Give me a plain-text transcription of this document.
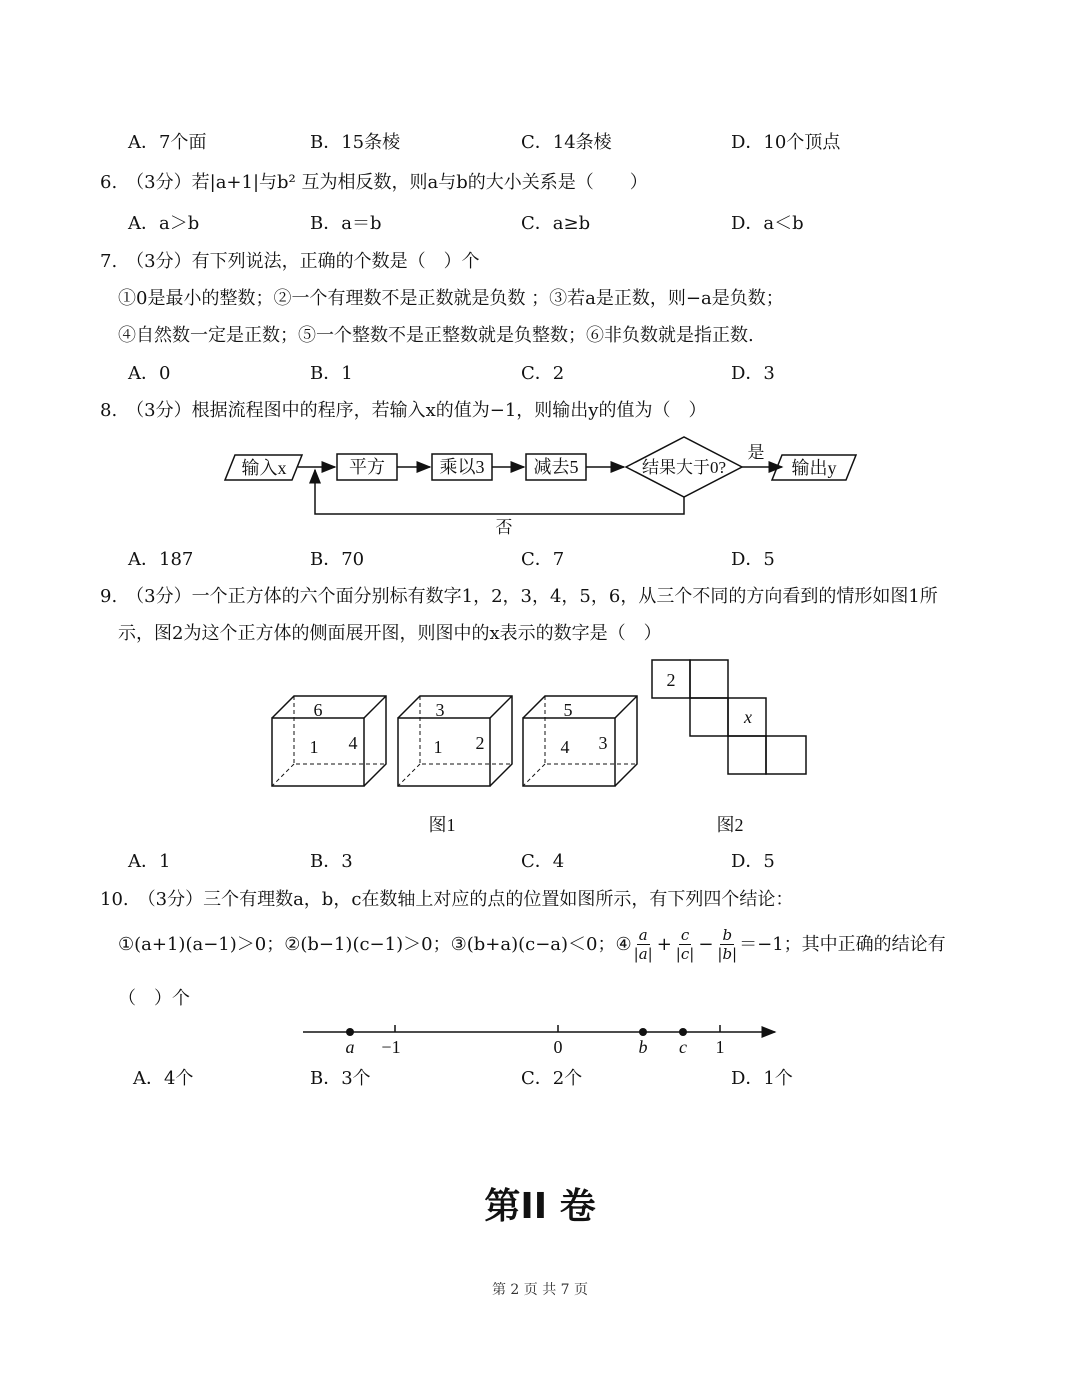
A．7个面	B．15条棱	C．14条棱	D．10个顶点
6.　（3分）若|a+1|与b² 互为相反数，则a与b的大小关系是（　　）
A．a＞b	B．a＝b	C．a≥b	D．a＜b
7.　（3分）有下列说法，正确的个数是（　）个
①0是最小的整数；②一个有理数不是正数就是负数 ；③若a是正数，则−a是负数；
④自然数一定是正数；⑤一个整数不是正整数就是负整数；⑥非负数就是指正数.
A．0	B．1	C．2	D．3
8.　（3分）根据流程图中的程序，若输入x的值为−1，则输出y的值为（　）
输入x	平方	乘以3	减去5	结果大于0?
是
输出y
否
A．187	B．70	C．7	D．5
9.　（3分）一个正方体的六个面分别标有数字1，2，3，4，5，6，从三个不同的方向看到的情形如图1所
示，图2为这个正方体的侧面展开图，则图中的x表示的数字是（　）
6
1 4
3
1 2
5
4 3
2
x
图1	图2
A．1	B．3	C．4	D．5
10.　（3分）三个有理数a，b，c在数轴上对应的点的位置如图所示，有下列四个结论：
①(a+1)(a−1)＞0； ②(b−1)(c−1)＞0； ③(b+a)(c−a)＜0； ④ $\frac{a}{|a|} + \frac{c}{|c|} - \frac{b}{|b|} =-1$；其中正确的结论有
（　）个
a −1	0	b c 1
A．4个	B．3个	C．2个	D．1个
第II 卷
第 2 页 共 7 页
